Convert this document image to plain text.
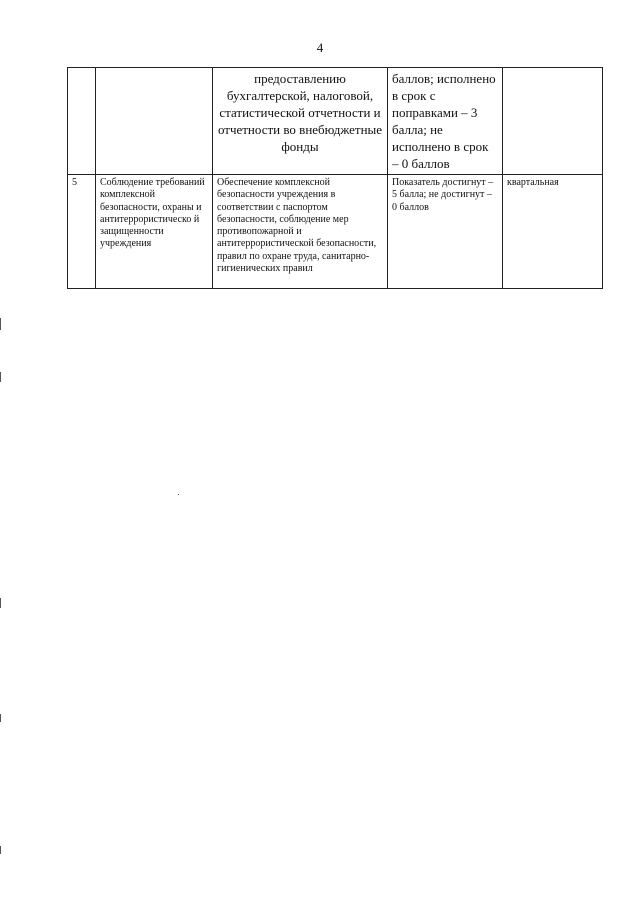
4
		предоставлению бухгалтерской, налоговой, статистической отчетности и отчетности во внебюджетные фонды	баллов; исполнено в срок с поправками – 3 балла; не исполнено в срок – 0 баллов	
5	Соблюдение требований комплексной безопасности, охраны и антитеррористическо й защищенности учреждения	Обеспечение комплексной безопасности учреждения в соответствии с паспортом безопасности, соблюдение мер противопожарной и антитеррористической безопасности, правил по охране труда, санитарно-гигиенических правил	Показатель достигнут – 5 балла; не достигнут – 0 баллов	квартальная
